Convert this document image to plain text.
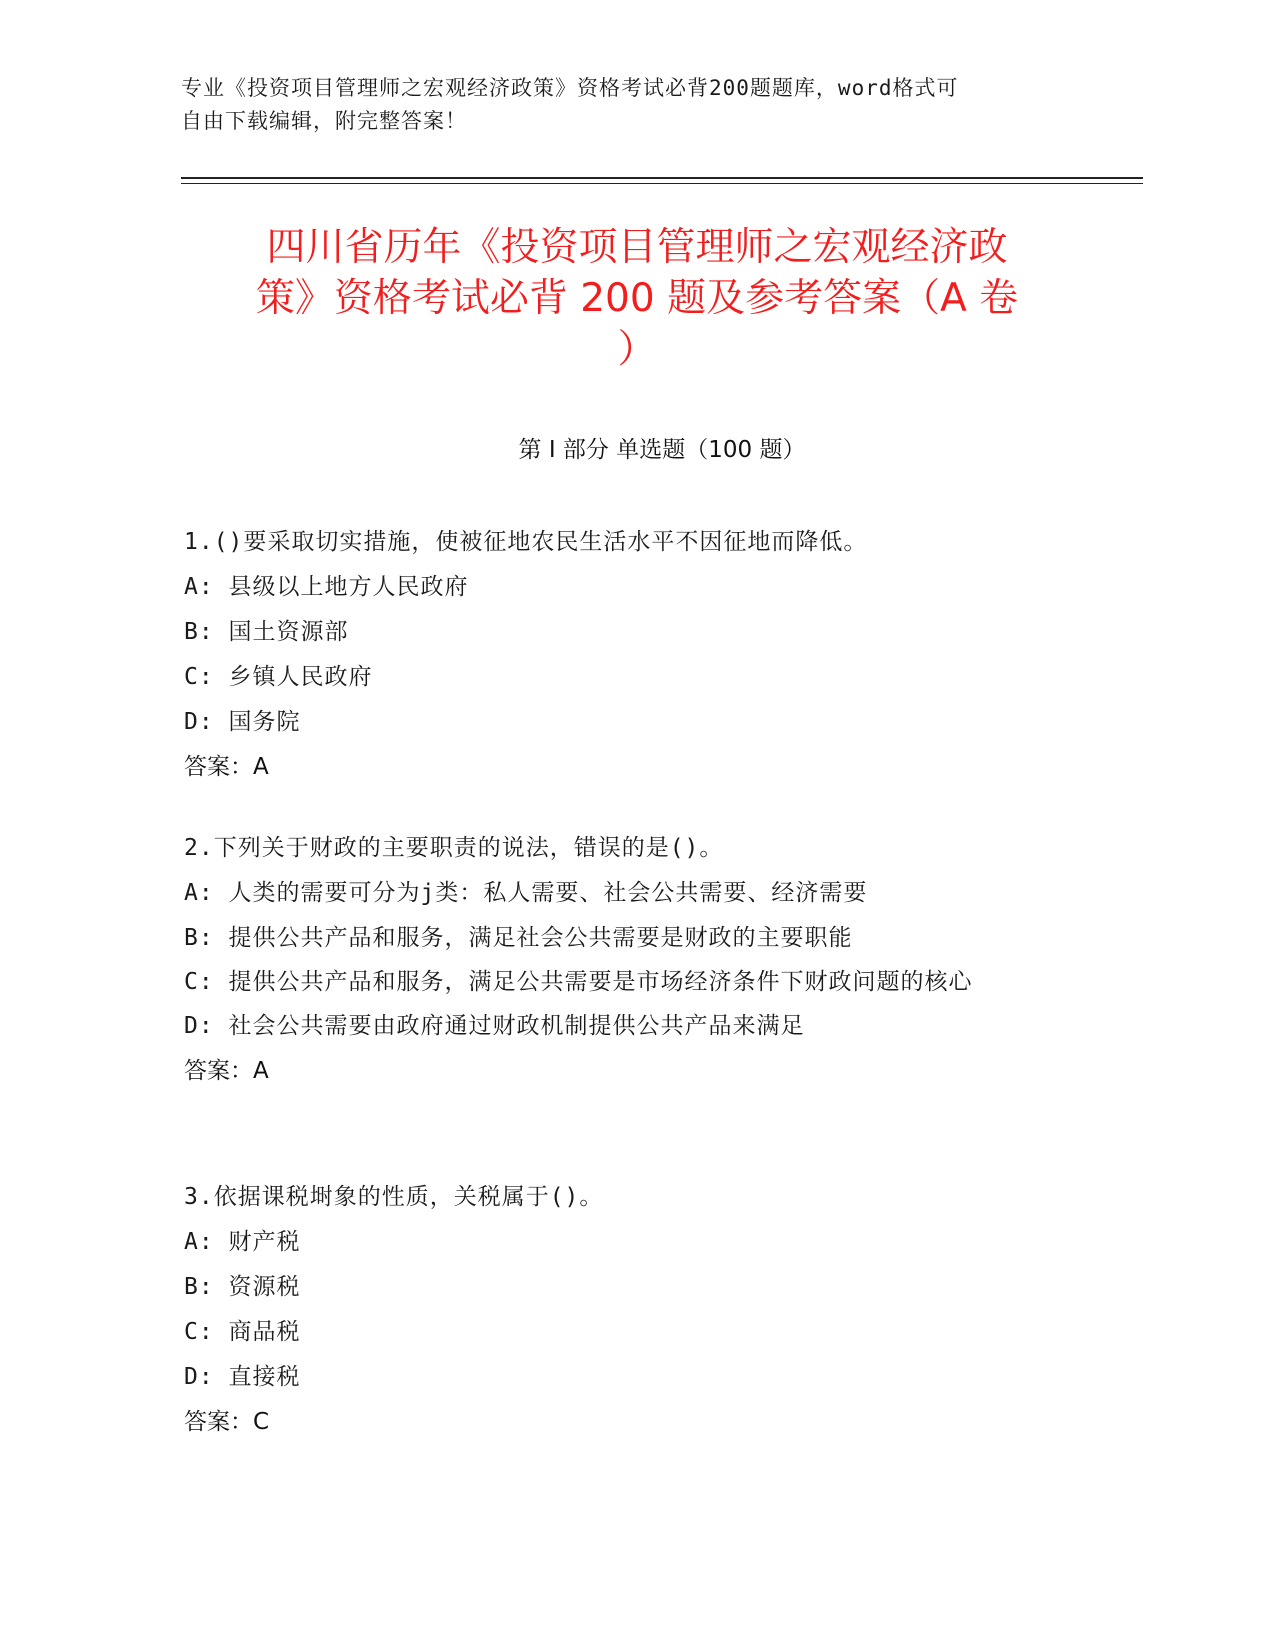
专业《投资项目管理师之宏观经济政策》资格考试必背200题题库，word格式可
自由下载编辑，附完整答案！
四川省历年《投资项目管理师之宏观经济政
策》资格考试必背 200 题及参考答案（A 卷
）
第 I 部分 单选题（100 题）

1.()要采取切实措施，使被征地农民生活水平不因征地而降低。

A: 县级以上地方人民政府

B: 国土资源部

C: 乡镇人民政府

D: 国务院

答案：A

2.下列关于财政的主要职责的说法，错误的是()。

A: 人类的需要可分为j类：私人需要、社会公共需要、经济需要

B: 提供公共产品和服务，满足社会公共需要是财政的主要职能

C: 提供公共产品和服务，满足公共需要是市场经济条件下财政问题的核心

D: 社会公共需要由政府通过财政机制提供公共产品来满足

答案：A

3.依据课税埘象的性质，关税属于()。

A: 财产税

B: 资源税

C: 商品税

D: 直接税

答案：C
